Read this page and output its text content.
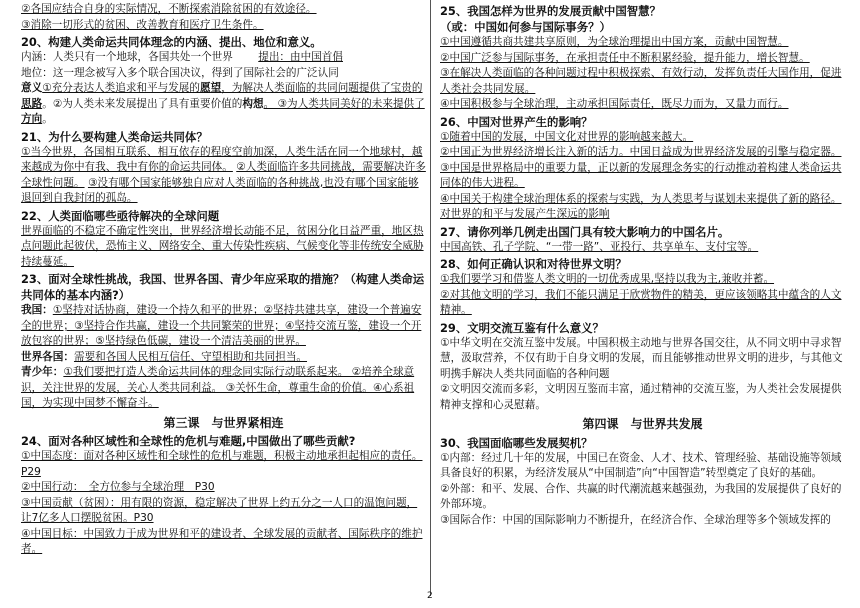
②各国应结合自身的实际情况，不断探索消除贫困的有效途径。

③消除一切形式的贫困、改善教育和医疗卫生条件。

20、构建人类命运共同体理念的内涵、提出、地位和意义。

内涵：人类只有一个地球，各国共处一个世界 提出：由中国首倡

地位：这一理念被写入多个联合国决议，得到了国际社会的广泛认同

意义①充分表达人类追求和平与发展的愿望，为解决人类面临的共同问题提供了宝贵的思路。②为人类未来发展提出了具有重要价值的构想。 ③为人类共同美好的未来提供了方向。

21、为什么要构建人类命运共同体？

①当今世界，各国相互联系、相互依存的程度空前加深，人类生活在同一个地球村，越来越成为你中有我、我中有你的命运共同体。 ②人类面临许多共同挑战，需要解决许多全球性问题。 ③没有哪个国家能够独自应对人类面临的各种挑战,也没有哪个国家能够退回到自我封闭的孤岛。

22、人类面临哪些亟待解决的全球问题

世界面临的不稳定不确定性突出，世界经济增长动能不足，贫困分化日益严重，地区热点问题此起彼伏，恐怖主义、网络安全、重大传染性疾病、气候变化等非传统安全威胁持续蔓延。

23、面对全球性挑战，我国、世界各国、青少年应采取的措施？（构建人类命运共同体的基本内涵?）

我国：①坚持对话协商，建设一个持久和平的世界；②坚持共建共享，建设一个普遍安全的世界；③坚持合作共赢，建设一个共同繁荣的世界；④坚持交流互鉴，建设一个开放包容的世界；⑤坚持绿色低碳，建设一个清洁美丽的世界。

世界各国：需要和各国人民相互信任、守望相助和共同担当。

青少年：①我们要把打造人类命运共同体的理念同实际行动联系起来。 ②培养全球意识，关注世界的发展，关心人类共同利益。 ③关怀生命，尊重生命的价值。④心系祖国，为实现中国梦不懈奋斗。

第三课　与世界紧相连
24、面对各种区域性和全球性的危机与难题,中国做出了哪些贡献?

①中国态度：面对各种区域性和全球性的危机与难题，积极主动地承担起相应的责任。P29

②中国行动：　全方位参与全球治理　P30

③中国贡献（贫困）：用有限的资源，稳定解决了世界上约五分之一人口的温饱问题，让7亿多人口摆脱贫困。P30

④中国目标：中国致力于成为世界和平的建设者、全球发展的贡献者、国际秩序的维护者。

25、我国怎样为世界的发展贡献中国智慧？
（或：中国如何参与国际事务？）

①中国遵循共商共建共享原则，为全球治理提出中国方案，贡献中国智慧。

②中国广泛参与国际事务，在承担责任中不断积累经验，提升能力，增长智慧。

③在解决人类面临的各种问题过程中积极探索、有效行动，发挥负责任大国作用，促进人类社会共同发展。

④中国积极参与全球治理，主动承担国际责任，既尽力而为，又量力而行。

26、中国对世界产生的影响？

①随着中国的发展，中国文化对世界的影响越来越大。

②中国正为世界经济增长注入新的活力。中国日益成为世界经济发展的引擎与稳定器。

③中国是世界格局中的重要力量，正以新的发展理念务实的行动推动着构建人类命运共同体的伟大进程。

④中国关于构建全球治理体系的探索与实践，为人类思考与谋划未来提供了新的路径。对世界的和平与发展产生深远的影响

27、请你列举几例走出国门具有较大影响力的中国名片。

中国高铁、孔子学院、“一带一路”、亚投行、共享单车、支付宝等。

28、如何正确认识和对待世界文明？

①我们要学习和借鉴人类文明的一切优秀成果,坚持以我为主,兼收并蓄。

②对其他文明的学习，我们不能只满足于欣赏物件的精美，更应该领略其中蕴含的人文精神。

29、文明交流互鉴有什么意义？

①中华文明在交流互鉴中发展。中国积极主动地与世界各国交往，从不同文明中寻求智慧，汲取营养，不仅有助于自身文明的发展，而且能够推动世界文明的进步，与其他文明携手解决人类共同面临的各种问题

②文明因交流而多彩，文明因互鉴而丰富，通过精神的交流互鉴，为人类社会发展提供精神支撑和心灵慰藉。

第四课　与世界共发展
30、我国面临哪些发展契机？

①内部：经过几十年的发展，中国已在资金、人才、技术、管理经验、基础设施等领域具备良好的积累，为经济发展从“中国制造”向“中国智造”转型奠定了良好的基础。

②外部：和平、发展、合作、共赢的时代潮流越来越强劲，为我国的发展提供了良好的外部环境。

③国际合作：中国的国际影响力不断提升，在经济合作、全球治理等多个领域发挥的

2
